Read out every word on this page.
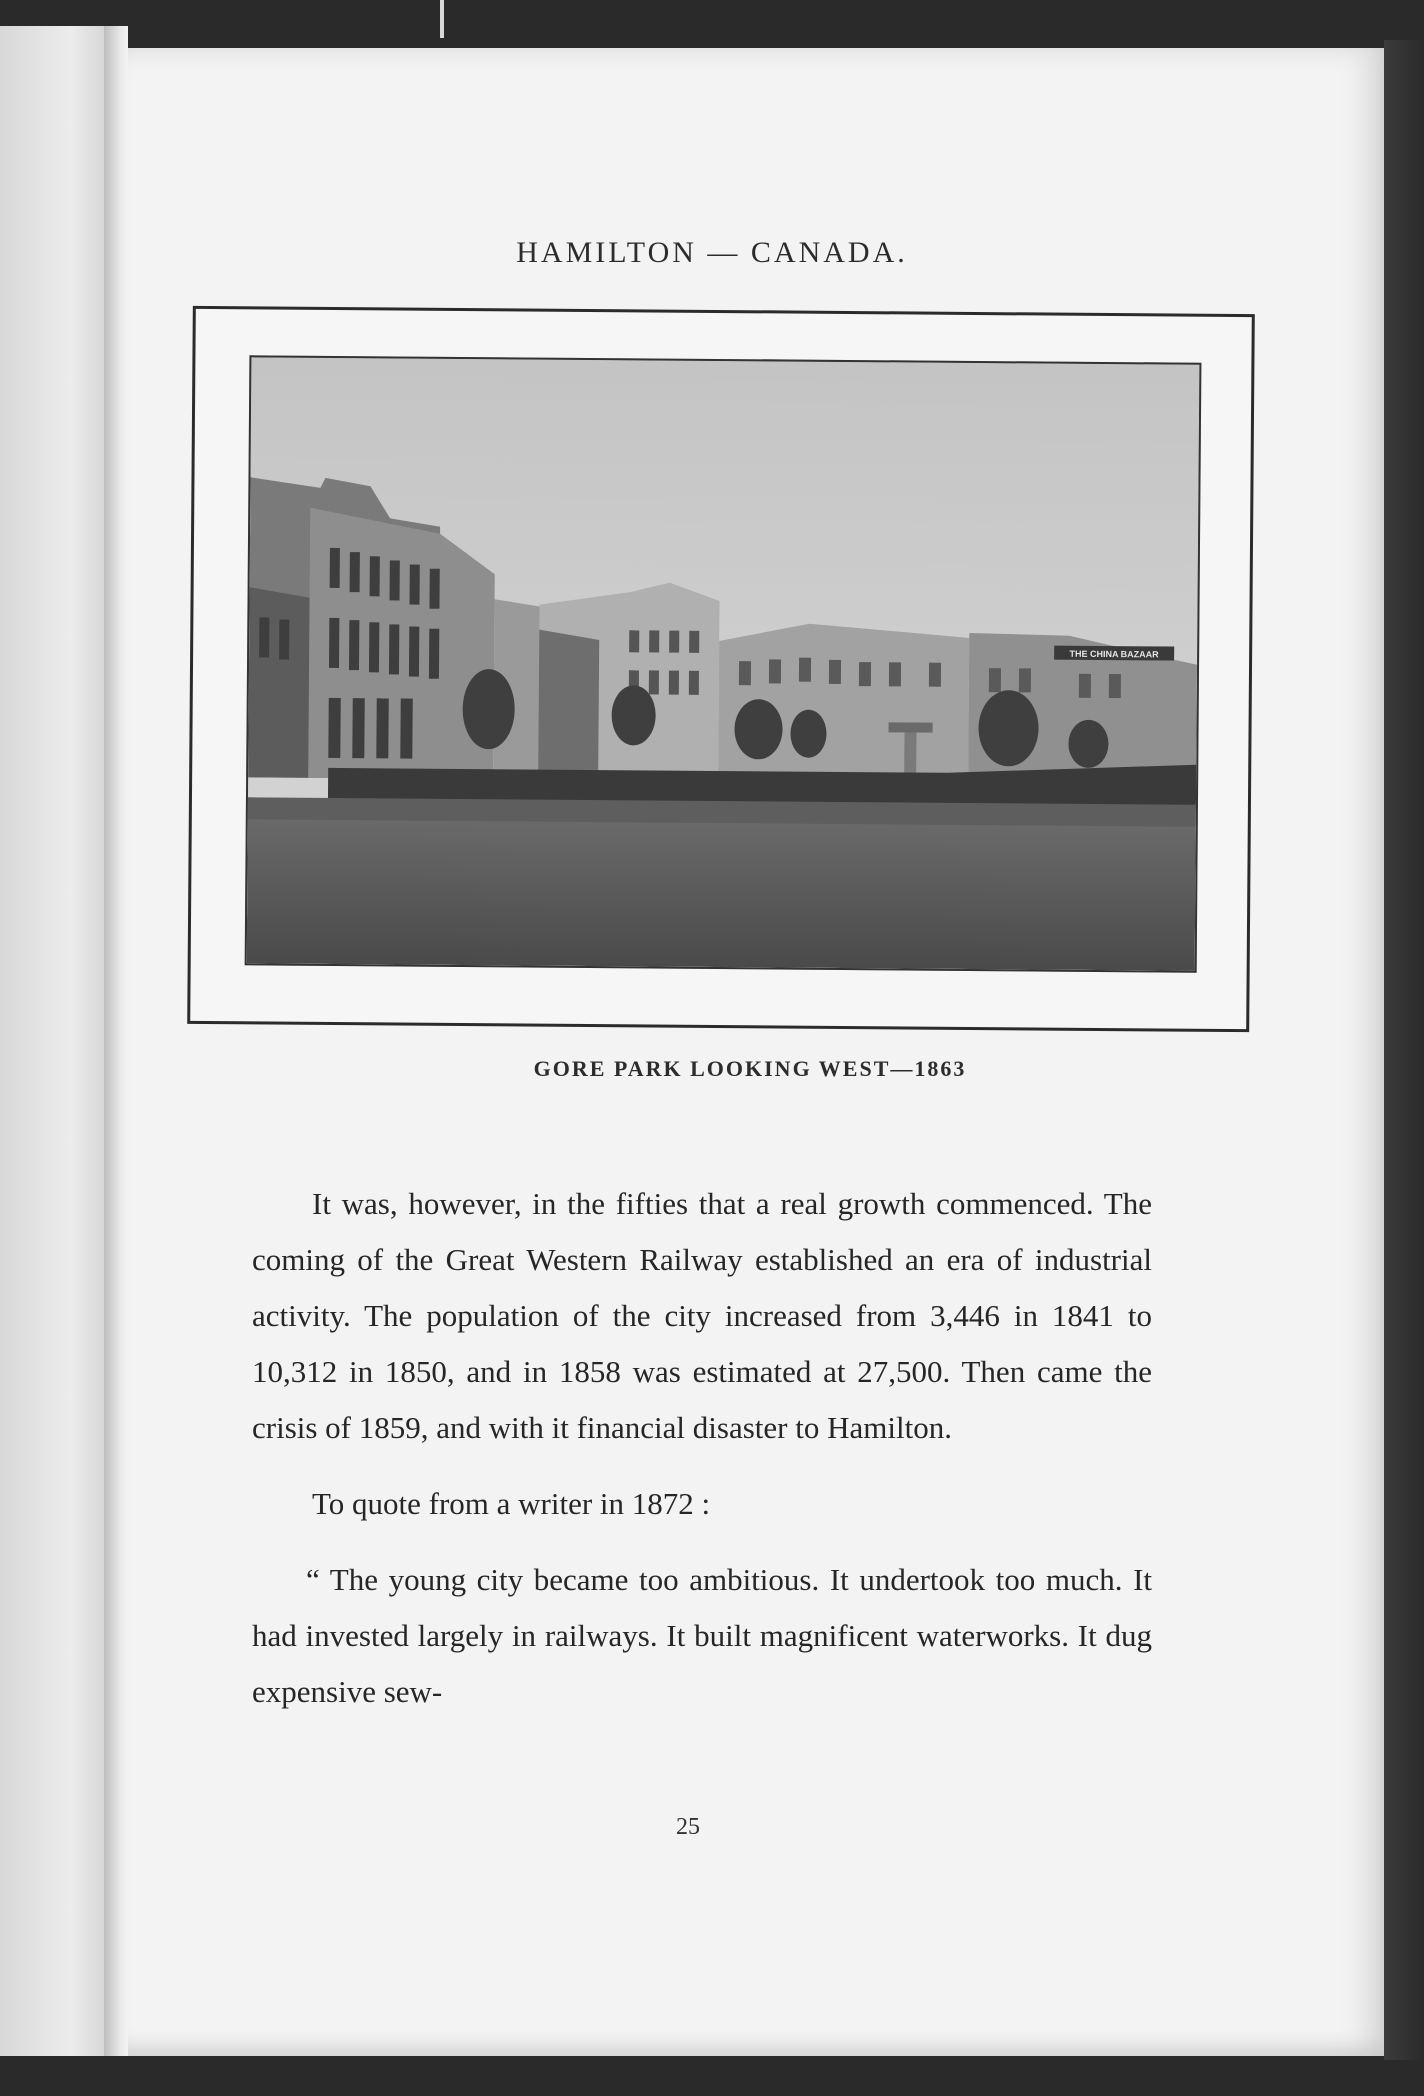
HAMILTON — CANADA.
THE CHINA BAZAAR
GORE PARK LOOKING WEST—1863

It was, however, in the fifties that a real growth commenced. The coming of the Great Western Railway established an era of industrial activity. The population of the city increased from 3,446 in 1841 to 10,312 in 1850, and in 1858 was estimated at 27,500. Then came the crisis of 1859, and with it financial disaster to Hamilton.

To quote from a writer in 1872 :

“ The young city became too ambitious. It undertook too much. It had invested largely in railways. It built magnificent waterworks. It dug expensive sew-

25
